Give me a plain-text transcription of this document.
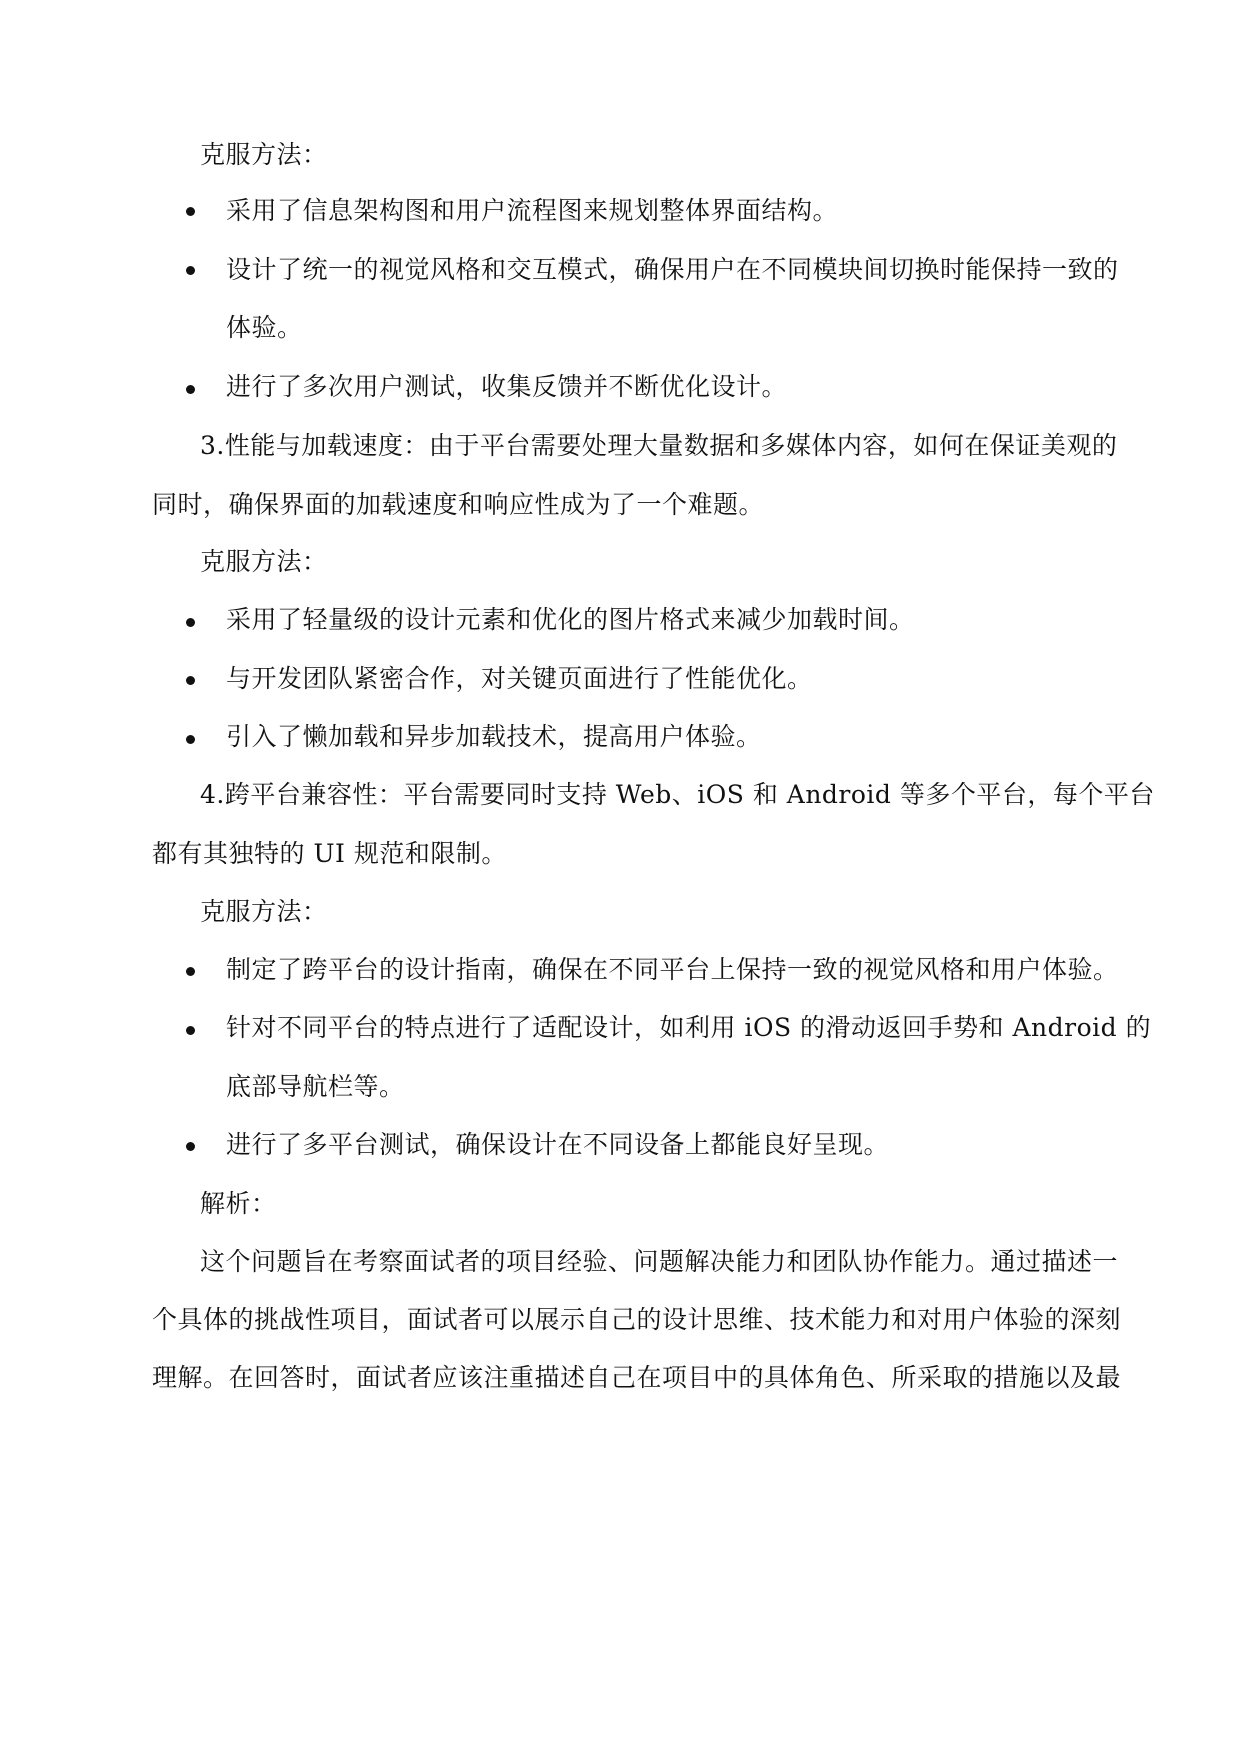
克服方法：
采用了信息架构图和用户流程图来规划整体界面结构。
设计了统一的视觉风格和交互模式，确保用户在不同模块间切换时能保持一致的
体验。
进行了多次用户测试，收集反馈并不断优化设计。
3.性能与加载速度：由于平台需要处理大量数据和多媒体内容，如何在保证美观的
同时，确保界面的加载速度和响应性成为了一个难题。
克服方法：
采用了轻量级的设计元素和优化的图片格式来减少加载时间。
与开发团队紧密合作，对关键页面进行了性能优化。
引入了懒加载和异步加载技术，提高用户体验。
4.跨平台兼容性：平台需要同时支持 Web、iOS 和 Android 等多个平台，每个平台
都有其独特的 UI 规范和限制。
克服方法：
制定了跨平台的设计指南，确保在不同平台上保持一致的视觉风格和用户体验。
针对不同平台的特点进行了适配设计，如利用 iOS 的滑动返回手势和 Android 的
底部导航栏等。
进行了多平台测试，确保设计在不同设备上都能良好呈现。
解析：
这个问题旨在考察面试者的项目经验、问题解决能力和团队协作能力。通过描述一
个具体的挑战性项目，面试者可以展示自己的设计思维、技术能力和对用户体验的深刻
理解。在回答时，面试者应该注重描述自己在项目中的具体角色、所采取的措施以及最
